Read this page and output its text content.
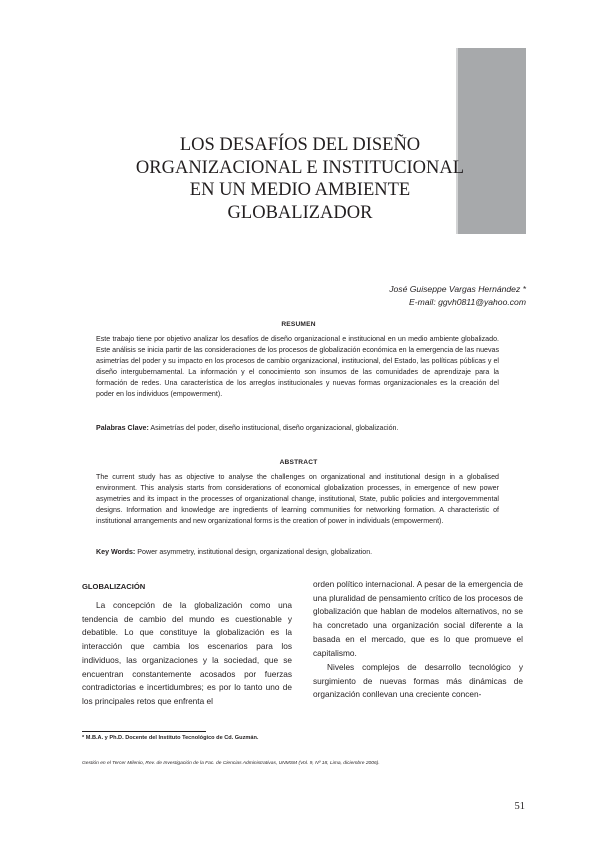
LOS DESAFÍOS DEL DISEÑO
ORGANIZACIONAL E INSTITUCIONAL
EN UN MEDIO AMBIENTE
GLOBALIZADOR
José Guiseppe Vargas Hernández *
E-mail: ggvh0811@yahoo.com
RESUMEN

Este trabajo tiene por objetivo analizar los desafíos de diseño organizacional e institucional en un medio ambiente globalizado. Este análisis se inicia partir de las consideraciones de los procesos de globalización económica en la emergencia de las nuevas asimetrías del poder y su impacto en los procesos de cambio organizacional, institucional, del Estado, las políticas públicas y el diseño intergubernamental. La información y el conocimiento son insumos de las comunidades de aprendizaje para la formación de redes. Una característica de los arreglos institucionales y nuevas formas organizacionales es la creación del poder en los individuos (empowerment).

Palabras Clave: Asimetrías del poder, diseño institucional, diseño organizacional, globalización.

ABSTRACT

The current study has as objective to analyse the challenges on organizational and institutional design in a globalised environment. This analysis starts from considerations of economical globalization processes, in emergence of new power asymetries and its impact in the processes of organizational change, institutional, State, public policies and intergovernmental designs. Information and knowledge are ingredients of learning communities for networking formation. A characteristic of institutional arrangements and new organizational forms is the creation of power in individuals (empowerment).

Key Words: Power asymmetry, institutional design, organizational design, globalization.

GLOBALIZACIÓN

La concepción de la globalización como una tendencia de cambio del mundo es cuestionable y debatible. Lo que constituye la globalización es la interacción que cambia los escenarios para los individuos, las organizaciones y la sociedad, que se encuentran constantemente acosados por fuerzas contradictorias e incertidumbres; es por lo tanto uno de los principales retos que enfrenta el

orden político internacional. A pesar de la emergencia de una pluralidad de pensamiento crítico de los procesos de globalización que hablan de modelos alternativos, no se ha concretado una organización social diferente a la basada en el mercado, que es lo que promueve el capitalismo.

Niveles complejos de desarrollo tecnológico y surgimiento de nuevas formas más dinámicas de organización conllevan una creciente concen-

* M.B.A. y Ph.D. Docente del Instituto Tecnológico de Cd. Guzmán.
Gestión en el Tercer Milenio, Rev. de Investigación de la Fac. de Ciencias Administrativas, UNMSM (Vol. 9, Nº 18, Lima, diciembre 2006).
51
